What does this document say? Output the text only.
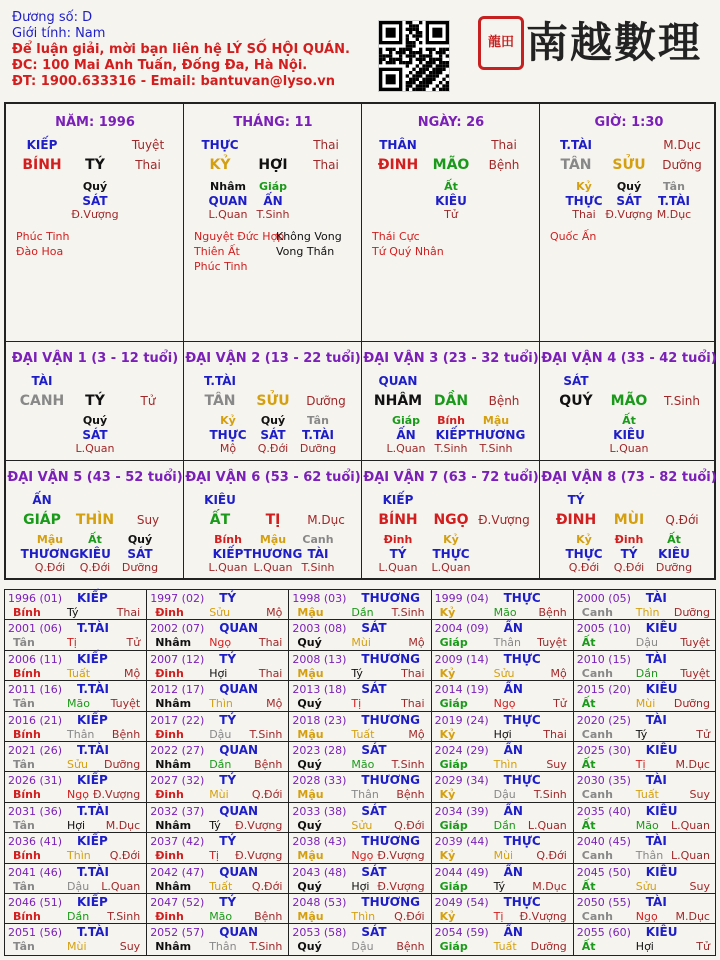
Đương số: D
Giới tính: Nam
Để luận giải, mời bạn liên hệ LÝ SỐ HỘI QUÁN.
ĐC: 100 Mai Anh Tuấn, Đống Đa, Hà Nội.
ĐT: 1900.633316 - Email: bantuvan@lyso.vn
龍田 南越數理
NĂM: 1996
KIẾP	Tuyệt
BÍNH TÝ	Thai
Quý
SÁT
Đ.Vượng
Phúc Tinh
Đào Hoa
THÁNG: 11
THỰC	Thai
KỶ HỢI Thai
Nhâm
QUAN
L.Quan
Giáp
ẤN
T.Sinh
Nguyệt Đức Hợp
Thiên Ất
Phúc Tinh
Không Vong
Vong Thần
NGÀY: 26
THÂN	Thai
ĐINH MÃO Bệnh
Ất
KIÊU
Tử
Thái Cực
Tứ Quý Nhân
GIỜ: 1:30
T.TÀI	M.Dục
TÂN SỬU Dưỡng
Kỷ
THỰC
Thai
Quý
SÁT
Đ.Vượng
Tân
T.TÀI
M.Dục
Quốc Ấn
ĐẠI VẬN 1 (3 - 12 tuổi)
TÀI
CANH TÝ	Tử
Quý
SÁT
L.Quan
ĐẠI VẬN 2 (13 - 22 tuổi)
T.TÀI
TÂN SỬU Dưỡng
Kỷ
THỰC
Mộ
Quý
SÁT
Q.Đới
Tân
T.TÀI
Dưỡng
ĐẠI VẬN 3 (23 - 32 tuổi)
QUAN
NHÂM DẦN Bệnh
Giáp
ẤN
L.Quan
Bính
KIẾP
T.Sinh
Mậu
THƯƠNG
T.Sinh
ĐẠI VẬN 4 (33 - 42 tuổi)
SÁT
QUÝ MÃO T.Sinh
Ất
KIÊU
L.Quan
ĐẠI VẬN 5 (43 - 52 tuổi)
ẤN
GIÁP THÌN Suy
Mậu
THƯƠNG
Q.Đới
Ất
KIÊU
Q.Đới
Quý
SÁT
Dưỡng
ĐẠI VẬN 6 (53 - 62 tuổi)
KIÊU
ẤT	TỊ M.Dục
Bính
KIẾP
L.Quan
Mậu
THƯƠNG
L.Quan
Canh
TÀI
T.Sinh
ĐẠI VẬN 7 (63 - 72 tuổi)
KIẾP
BÍNH NGỌ Đ.Vượng
Đinh
TÝ
L.Quan
Kỷ
THỰC
L.Quan
ĐẠI VẬN 8 (73 - 82 tuổi)
TÝ
ĐINH MÙI Q.Đới
Kỷ
THỰC
Q.Đới
Đinh
TÝ
Q.Đới
Ất
KIÊU
Dưỡng
1996 (01) KIẾP
Bính Tý	Thai
1997 (02) TÝ
Đinh Sửu	Mộ
1998 (03) THƯƠNG
Mậu	Dần T.Sinh
1999 (04) THỰC
Kỷ	Mão Bệnh
2000 (05) TÀI
Canh Thìn Dưỡng
2001 (06) T.TÀI
Tân	Tị	Tử
2002 (07) QUAN
Nhâm Ngọ	Thai
2003 (08) SÁT
Quý	Mùi	Mộ
2004 (09) ẤN
Giáp Thân Tuyệt
2005 (10) KIÊU
Ất	Dậu Tuyệt
2006 (11) KIẾP
Bính Tuất	Mộ
2007 (12) TÝ
Đinh Hợi	Thai
2008 (13) THƯƠNG
Mậu	Tý	Thai
2009 (14) THỰC
Kỷ	Sửu	Mộ
2010 (15) TÀI
Canh Dần Tuyệt
2011 (16) T.TÀI
Tân	Mão Tuyệt
2012 (17) QUAN
Nhâm Thìn	Mộ
2013 (18) SÁT
Quý	Tị	Thai
2014 (19) ẤN
Giáp Ngọ	Tử
2015 (20) KIÊU
Ất	Mùi Dưỡng
2016 (21) KIẾP
Bính Thân Bệnh
2017 (22) TÝ
Đinh Dậu T.Sinh
2018 (23) THƯƠNG
Mậu	Tuất	Mộ
2019 (24) THỰC
Kỷ	Hợi	Thai
2020 (25) TÀI
Canh Tý	Tử
2021 (26) T.TÀI
Tân	Sửu Dưỡng
2022 (27) QUAN
Nhâm Dần Bệnh
2023 (28) SÁT
Quý	Mão T.Sinh
2024 (29) ẤN
Giáp Thìn	Suy
2025 (30) KIÊU
Ất	Tị	M.Dục
2026 (31) KIẾP
Bính Ngọ Đ.Vượng
2027 (32) TÝ
Đinh Mùi Q.Đới
2028 (33) THƯƠNG
Mậu	Thân Bệnh
2029 (34) THỰC
Kỷ	Dậu T.Sinh
2030 (35) TÀI
Canh Tuất	Suy
2031 (36) T.TÀI
Tân	Hợi M.Dục
2032 (37) QUAN
Nhâm Tý Đ.Vượng
2033 (38) SÁT
Quý	Sửu Q.Đới
2034 (39) ẤN
Giáp Dần L.Quan
2035 (40) KIÊU
Ất	Mão L.Quan
2036 (41) KIẾP
Bính Thìn Q.Đới
2037 (42) TÝ
Đinh Tị Đ.Vượng
2038 (43) THƯƠNG
Mậu	Ngọ Đ.Vượng
2039 (44) THỰC
Kỷ	Mùi Q.Đới
2040 (45) TÀI
Canh Thân L.Quan
2041 (46) T.TÀI
Tân	Dậu L.Quan
2042 (47) QUAN
Nhâm Tuất Q.Đới
2043 (48) SÁT
Quý	Hợi Đ.Vượng
2044 (49) ẤN
Giáp Tý M.Dục
2045 (50) KIÊU
Ất	Sửu	Suy
2046 (51) KIẾP
Bính Dần T.Sinh
2047 (52) TÝ
Đinh Mão Bệnh
2048 (53) THƯƠNG
Mậu	Thìn Q.Đới
2049 (54) THỰC
Kỷ	Tị Đ.Vượng
2050 (55) TÀI
Canh Ngọ M.Dục
2051 (56) T.TÀI
Tân	Mùi	Suy
2052 (57) QUAN
Nhâm Thân T.Sinh
2053 (58) SÁT
Quý	Dậu Bệnh
2054 (59) ẤN
Giáp Tuất Dưỡng
2055 (60) KIÊU
Ất	Hợi	Tử
